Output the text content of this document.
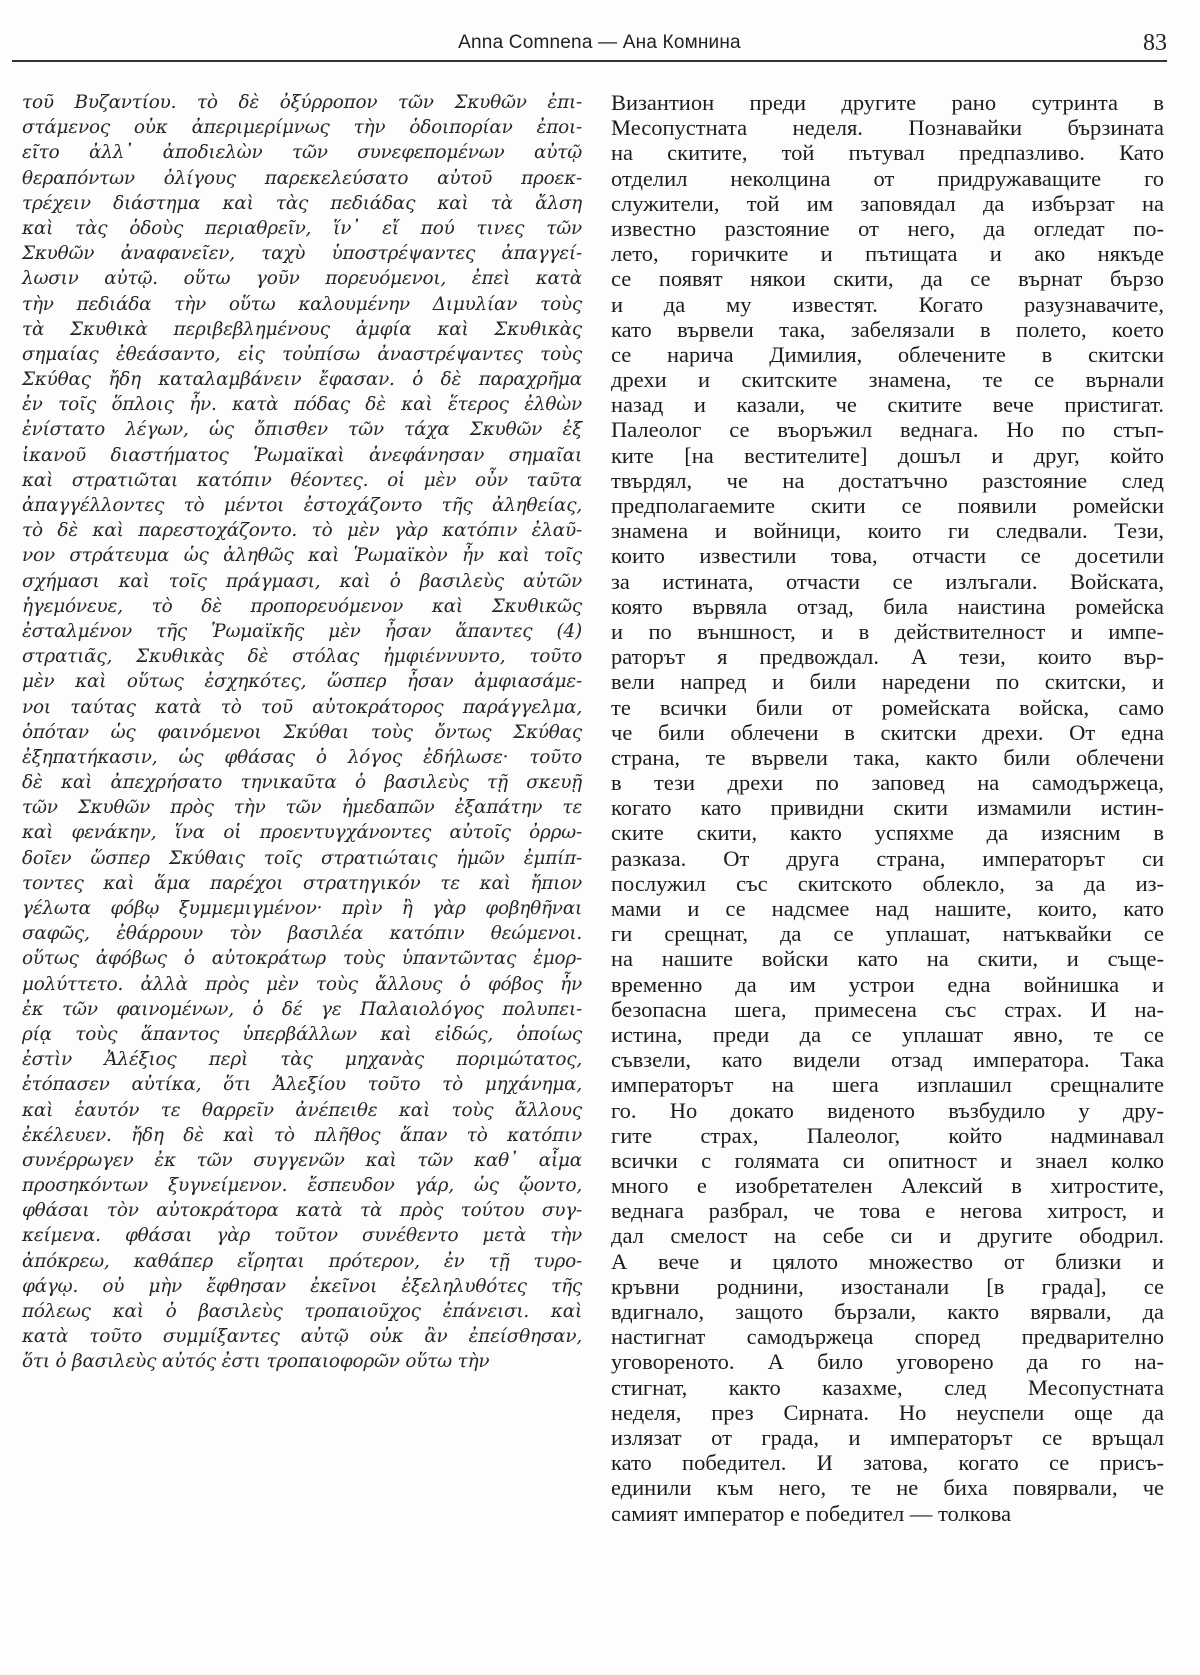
Anna Comnena — Ана Комнина	83
τοῦ Βυζαντίου. τὸ δὲ ὀξύρροπον τῶν Σκυθῶν ἐπι-
στάμενος οὐκ ἀπεριμερίμνως τὴν ὁδοιπορίαν ἐποι-
εῖτο ἀλλ᾽ ἀποδιελὼν τῶν συνεφεπομένων αὐτῷ
θεραπόντων ὀλίγους παρεκελεύσατο αὐτοῦ προεκ-
τρέχειν διάστημα καὶ τὰς πεδιάδας καὶ τὰ ἄλση
καὶ τὰς ὁδοὺς περιαθρεῖν, ἵν᾽ εἴ πού τινες τῶν
Σκυθῶν ἀναφανεῖεν, ταχὺ ὑποστρέψαντες ἀπαγγεί-
λωσιν αὐτῷ. οὕτω γοῦν πορευόμενοι, ἐπεὶ κατὰ
τὴν πεδιάδα τὴν οὕτω καλουμένην Διμυλίαν τοὺς
τὰ Σκυθικὰ περιβεβλημένους ἀμφία καὶ Σκυθικὰς
σημαίας ἐθεάσαντο, εἰς τοὐπίσω ἀναστρέψαντες τοὺς
Σκύθας ἤδη καταλαμβάνειν ἔφασαν. ὁ δὲ παραχρῆμα
ἐν τοῖς ὅπλοις ἦν. κατὰ πόδας δὲ καὶ ἕτερος ἐλθὼν
ἐνίστατο λέγων, ὡς ὄπισθεν τῶν τάχα Σκυθῶν ἐξ
ἱκανοῦ διαστήματος Ῥωμαϊκαὶ ἀνεφάνησαν σημαῖαι
καὶ στρατιῶται κατόπιν θέοντες. οἱ μὲν οὖν ταῦτα
ἀπαγγέλλοντες τὸ μέντοι ἐστοχάζοντο τῆς ἀληθείας,
τὸ δὲ καὶ παρεστοχάζοντο. τὸ μὲν γὰρ κατόπιν ἐλαῦ-
νον στράτευμα ὡς ἀληθῶς καὶ Ῥωμαϊκὸν ἦν καὶ τοῖς
σχήμασι καὶ τοῖς πράγμασι, καὶ ὁ βασιλεὺς αὐτῶν
ἡγεμόνευε, τὸ δὲ προπορευόμενον καὶ Σκυθικῶς
ἐσταλμένον τῆς Ῥωμαϊκῆς μὲν ἦσαν ἅπαντες (4)
στρατιᾶς, Σκυθικὰς δὲ στόλας ἠμφιέννυντο, τοῦτο
μὲν καὶ οὕτως ἐσχηκότες, ὥσπερ ἦσαν ἀμφιασάμε-
νοι ταύτας κατὰ τὸ τοῦ αὐτοκράτορος παράγγελμα,
ὁπόταν ὡς φαινόμενοι Σκύθαι τοὺς ὄντως Σκύθας
ἐξηπατήκασιν, ὡς φθάσας ὁ λόγος ἐδήλωσε· τοῦτο
δὲ καὶ ἀπεχρήσατο τηνικαῦτα ὁ βασιλεὺς τῇ σκευῇ
τῶν Σκυθῶν πρὸς τὴν τῶν ἡμεδαπῶν ἐξαπάτην τε
καὶ φενάκην, ἵνα οἱ προεντυγχάνοντες αὐτοῖς ὀρρω-
δοῖεν ὥσπερ Σκύθαις τοῖς στρατιώταις ἡμῶν ἐμπίπ-
τοντες καὶ ἅμα παρέχοι στρατηγικόν τε καὶ ἤπιον
γέλωτα φόβῳ ξυμμεμιγμένον· πρὶν ἢ γὰρ φοβηθῆναι
σαφῶς, ἐθάρρουν τὸν βασιλέα κατόπιν θεώμενοι.
οὕτως ἀφόβως ὁ αὐτοκράτωρ τοὺς ὑπαντῶντας ἐμορ-
μολύττετο. ἀλλὰ πρὸς μὲν τοὺς ἄλλους ὁ φόβος ἦν
ἐκ τῶν φαινομένων, ὁ δέ γε Παλαιολόγος πολυπει-
ρίᾳ τοὺς ἅπαντος ὑπερβάλλων καὶ εἰδώς, ὁποίως
ἐστὶν Ἀλέξιος περὶ τὰς μηχανὰς ποριμώτατος,
ἐτόπασεν αὐτίκα, ὅτι Ἀλεξίου τοῦτο τὸ μηχάνημα,
καὶ ἑαυτόν τε θαρρεῖν ἀνέπειθε καὶ τοὺς ἄλλους
ἐκέλευεν. ἤδη δὲ καὶ τὸ πλῆθος ἅπαν τὸ κατόπιν
συνέρρωγεν ἐκ τῶν συγγενῶν καὶ τῶν καθ᾽ αἷμα
προσηκόντων ξυγνείμενον. ἔσπευδον γάρ, ὡς ᾤοντο,
φθάσαι τὸν αὐτοκράτορα κατὰ τὰ πρὸς τούτου συγ-
κείμενα. φθάσαι γὰρ τοῦτον συνέθεντο μετὰ τὴν
ἀπόκρεω, καθάπερ εἴρηται πρότερον, ἐν τῇ τυρο-
φάγῳ. οὐ μὴν ἔφθησαν ἐκεῖνοι ἐξεληλυθότες τῆς
πόλεως καὶ ὁ βασιλεὺς τροπαιοῦχος ἐπάνεισι. καὶ
κατὰ τοῦτο συμμίξαντες αὐτῷ οὐκ ἂν ἐπείσθησαν,
ὅτι ὁ βασιλεὺς αὐτός ἐστι τροπαιοφορῶν οὕτω τὴν
Византион преди другите рано сутринта в
Месопустната неделя. Познавайки бързината
на скитите, той пътувал предпазливо. Като
отделил неколцина от придружаващите го
служители, той им заповядал да избързат на
известно разстояние от него, да огледат по-
лето, горичките и пътищата и ако някъде
се появят някои скити, да се върнат бързо
и да му известят. Когато разузнавачите,
като вървели така, забелязали в полето, което
се нарича Димилия, облечените в скитски
дрехи и скитските знамена, те се върнали
назад и казали, че скитите вече пристигат.
Палеолог се въоръжил веднага. Но по стъп-
ките [на вестителите] дошъл и друг, който
твърдял, че на достатъчно разстояние след
предполагаемите скити се появили ромейски
знамена и войници, които ги следвали. Тези,
които известили това, отчасти се досетили
за истината, отчасти се излъгали. Войската,
която вървяла отзад, била наистина ромейска
и по външност, и в действителност и импе-
раторът я предвождал. А тези, които вър-
вели напред и били наредени по скитски, и
те всички били от ромейската войска, само
че били облечени в скитски дрехи. От една
страна, те вървели така, както били облечени
в тези дрехи по заповед на самодържеца,
когато като привидни скити измамили истин-
ските скити, както успяхме да изясним в
разказа. От друга страна, императорът си
послужил със скитското облекло, за да из-
мами и се надсмее над нашите, които, като
ги срещнат, да се уплашат, натъквайки се
на нашите войски като на скити, и съще-
временно да им устрои една войнишка и
безопасна шега, примесена със страх. И на-
истина, преди да се уплашат явно, те се
съвзели, като видели отзад императора. Така
императорът на шега изплашил срещналите
го. Но докато виденото възбудило у дру-
гите страх, Палеолог, който надминавал
всички с голямата си опитност и знаел колко
много е изобретателен Алексий в хитростите,
веднага разбрал, че това е негова хитрост, и
дал смелост на себе си и другите ободрил.
А вече и цялото множество от близки и
кръвни роднини, изостанали [в града], се
вдигнало, защото бързали, както вярвали, да
настигнат самодържеца според предварително
уговореното. А било уговорено да го на-
стигнат, както казахме, след Месопустната
неделя, през Сирната. Но неуспели още да
излязат от града, и императорът се връщал
като победител. И затова, когато се присъ-
единили към него, те не биха повярвали, че
самият император е победител — толкова
